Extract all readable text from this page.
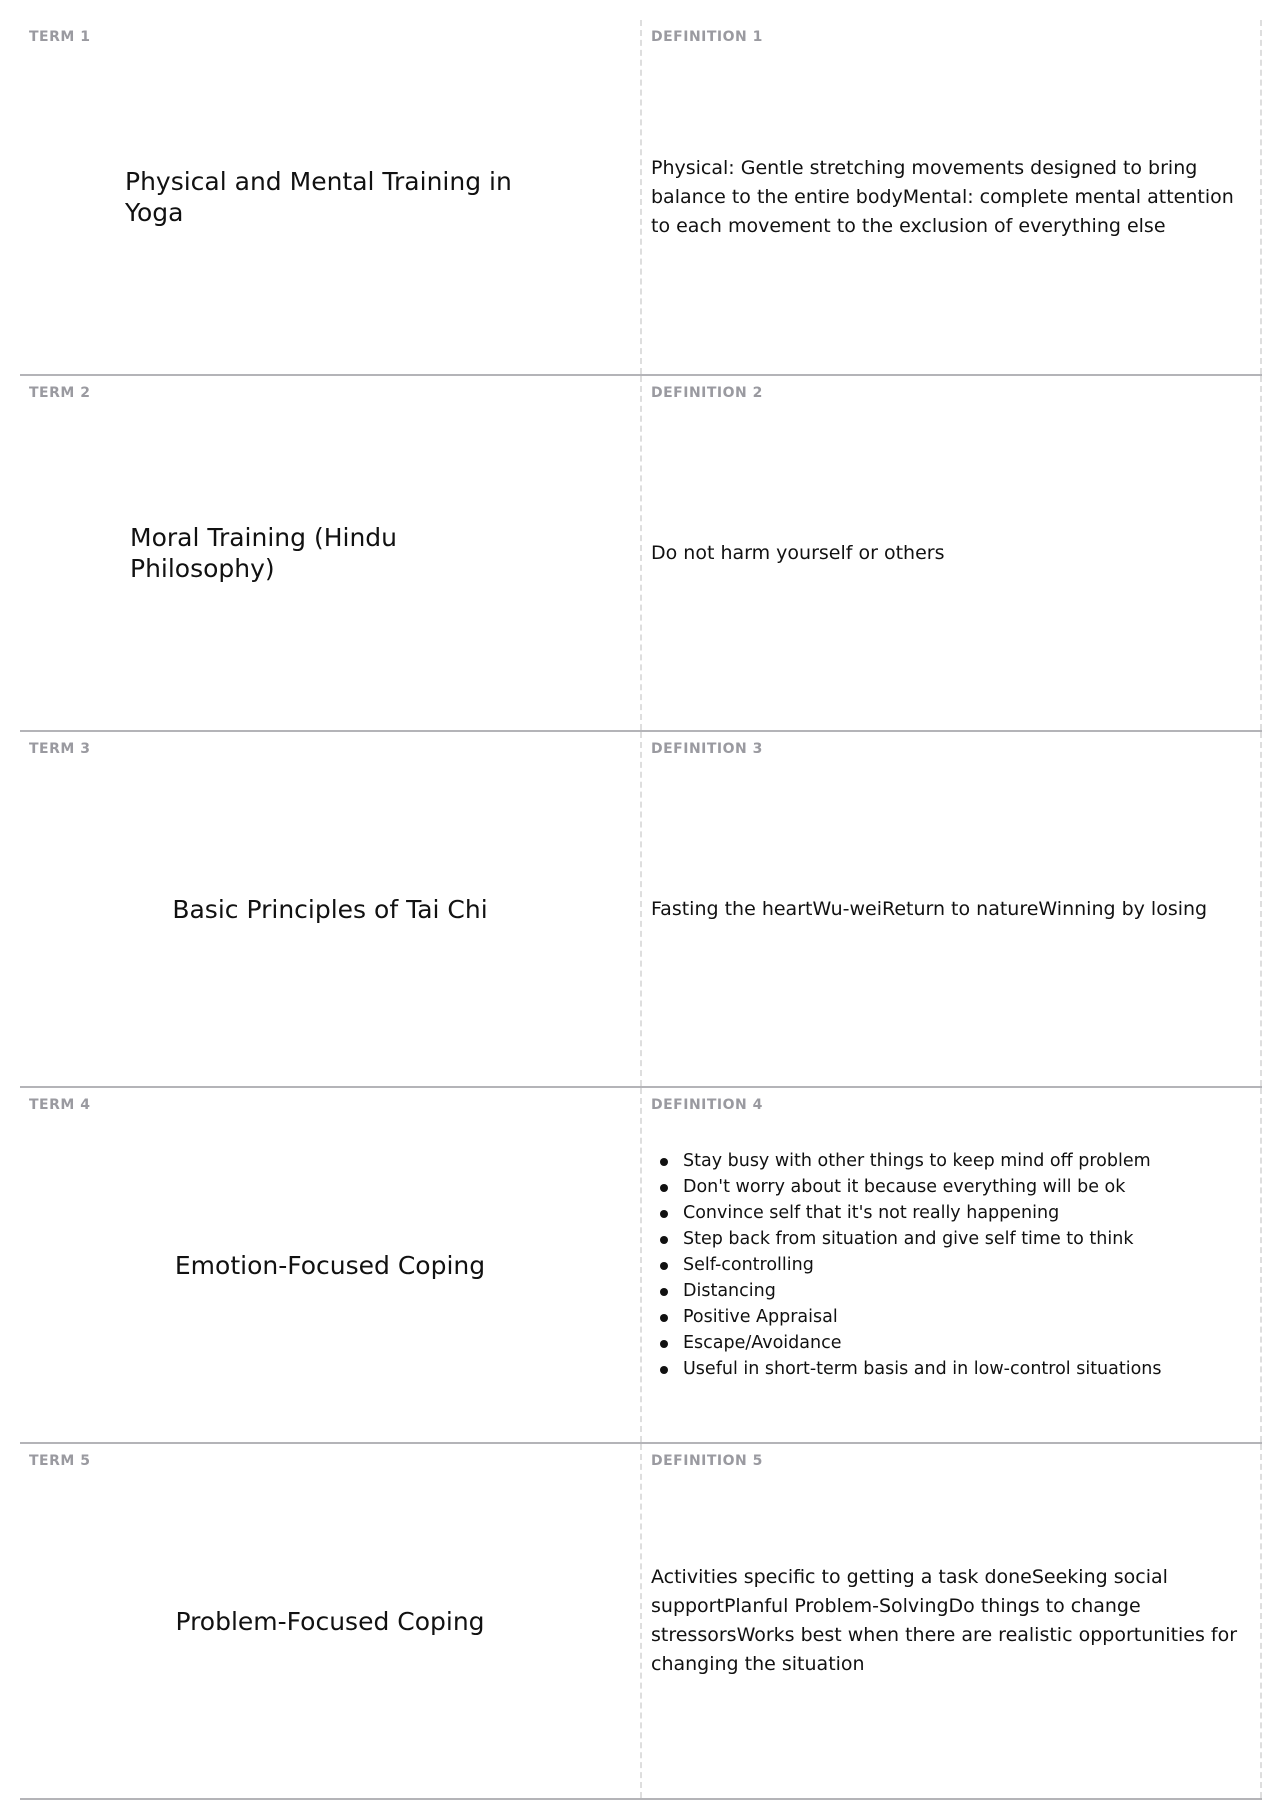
TERM 1
Physical and Mental Training in Yoga
DEFINITION 1
Physical: Gentle stretching movements designed to bring balance to the entire bodyMental: complete mental attention to each movement to the exclusion of everything else
TERM 2
Moral Training (Hindu Philosophy)
DEFINITION 2
Do not harm yourself or others
TERM 3
Basic Principles of Tai Chi
DEFINITION 3
Fasting the heartWu-weiReturn to natureWinning by losing
TERM 4
Emotion-Focused Coping
DEFINITION 4
Stay busy with other things to keep mind off problem
Don't worry about it because everything will be ok
Convince self that it's not really happening
Step back from situation and give self time to think
Self-controlling
Distancing
Positive Appraisal
Escape/Avoidance
Useful in short-term basis and in low-control situations
TERM 5
Problem-Focused Coping
DEFINITION 5
Activities specific to getting a task doneSeeking social supportPlanful Problem-SolvingDo things to change stressorsWorks best when there are realistic opportunities for changing the situation
